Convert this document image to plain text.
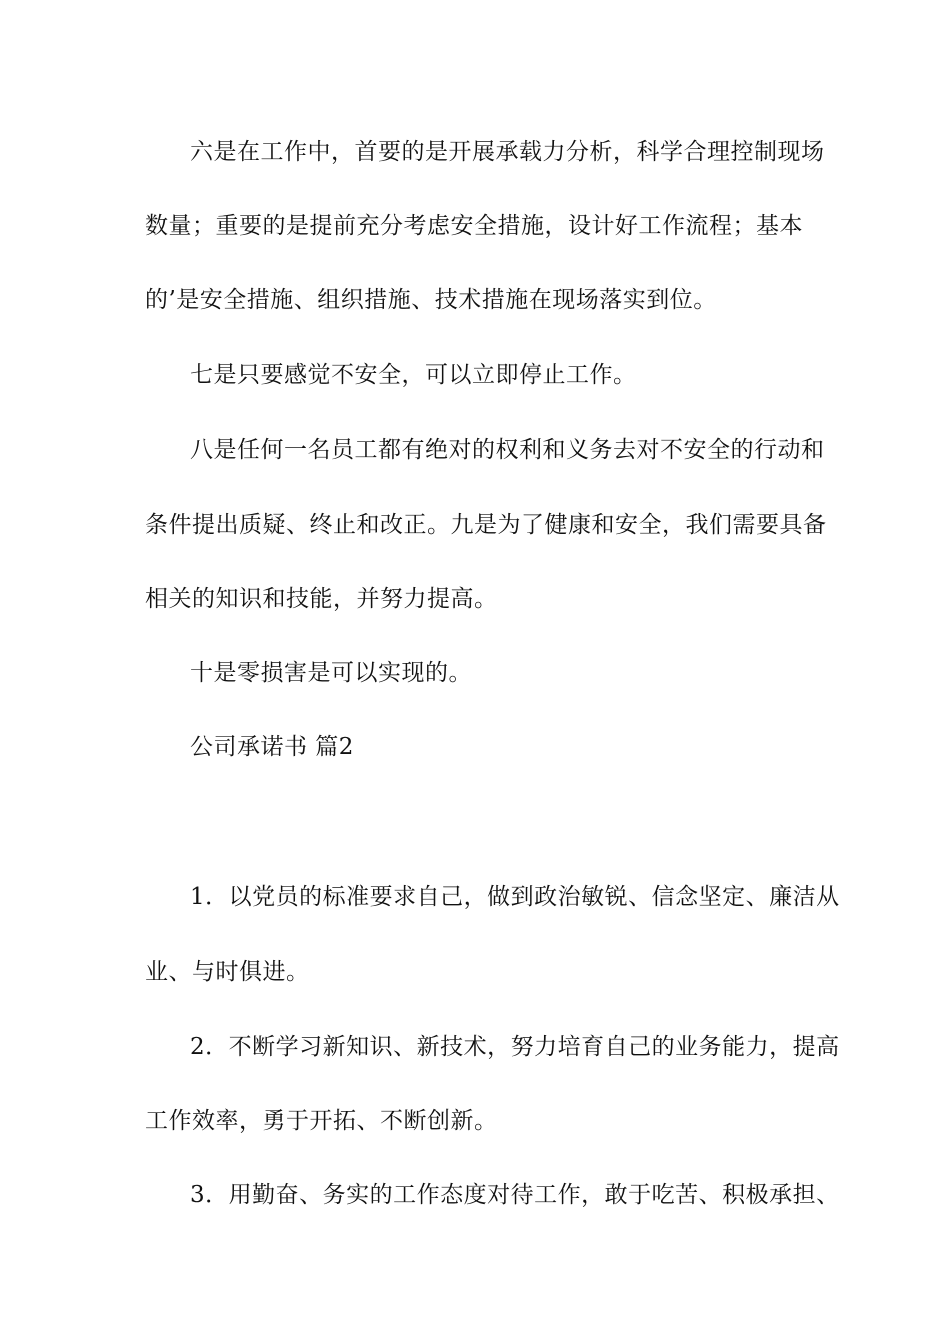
六是在工作中，首要的是开展承载力分析，科学合理控制现场
数量；重要的是提前充分考虑安全措施，设计好工作流程；基本
的’是安全措施、组织措施、技术措施在现场落实到位。
七是只要感觉不安全，可以立即停止工作。
八是任何一名员工都有绝对的权利和义务去对不安全的行动和
条件提出质疑、终止和改正。九是为了健康和安全，我们需要具备
相关的知识和技能，并努力提高。
十是零损害是可以实现的。
公司承诺书 篇2
1．以党员的标准要求自己，做到政治敏锐、信念坚定、廉洁从
业、与时俱进。
2．不断学习新知识、新技术，努力培育自己的业务能力，提高
工作效率，勇于开拓、不断创新。
3．用勤奋、务实的工作态度对待工作，敢于吃苦、积极承担、
